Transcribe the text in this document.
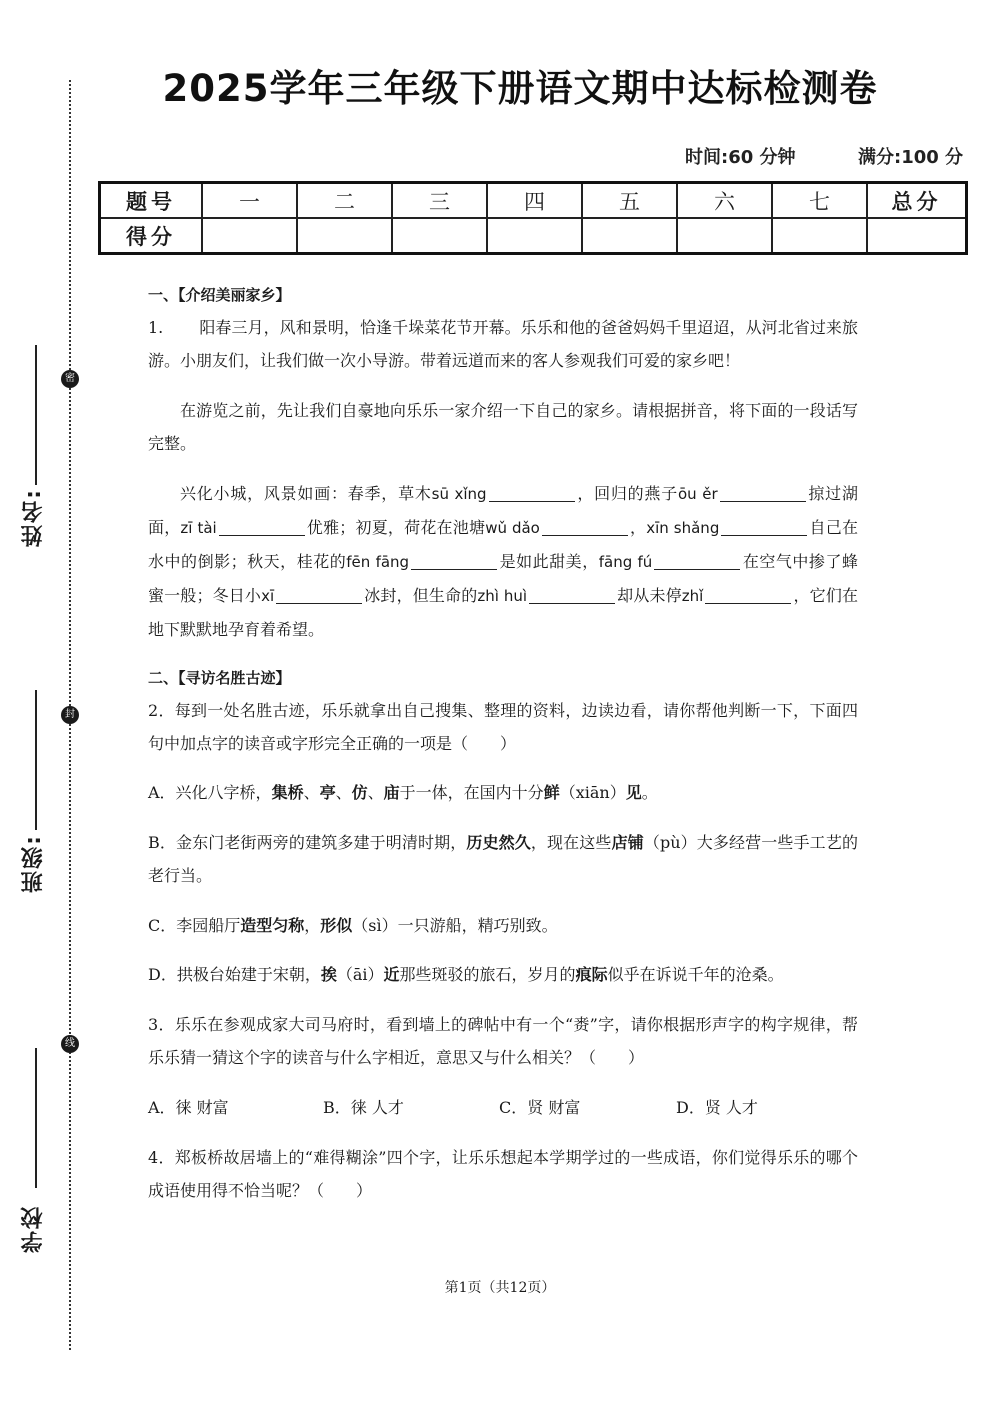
密
封
线
姓名:
班级:
学校
2025学年三年级下册语文期中达标检测卷
时间:60 分钟	满分:100 分
题号	一	二	三	四	五	六	七	总分
得分								
一、【介绍美丽家乡】
1. 阳春三月，风和景明，恰逢千垛菜花节开幕。乐乐和他的爸爸妈妈千里迢迢，从河北省过来旅游。小朋友们，让我们做一次小导游。带着远道而来的客人参观我们可爱的家乡吧！
在游览之前，先让我们自豪地向乐乐一家介绍一下自己的家乡。请根据拼音，将下面的一段话写完整。
兴化小城，风景如画：春季，草木sū xǐng	，回归的燕子ōu ěr	掠过湖面，zī tài	优雅；初夏，荷花在池塘wǔ dǎo	，xīn shǎng	自己在水中的倒影；秋天，桂花的fēn fāng	是如此甜美，fāng fú	在空气中掺了蜂蜜一般；冬日小xī	冰封，但生命的zhì huì	却从未停zhǐ	，它们在地下默默地孕育着希望。
二、【寻访名胜古迹】
2．每到一处名胜古迹，乐乐就拿出自己搜集、整理的资料，边读边看，请你帮他判断一下，下面四句中加点字的读音或字形完全正确的一项是（　　）
A．兴化八字桥，集桥、亭、仿、庙于一体，在国内十分鲜（xiān）见。
B．金东门老街两旁的建筑多建于明清时期，历史然久，现在这些店铺（pù）大多经营一些手工艺的老行当。
C．李园船厅造型匀称，形似（sì）一只游船，精巧别致。
D．拱极台始建于宋朝，挨（āi）近那些斑驳的旅石，岁月的痕际似乎在诉说千年的沧桑。
3．乐乐在参观成家大司马府时，看到墙上的碑帖中有一个“赉”字，请你根据形声字的构字规律，帮乐乐猜一猜这个字的读音与什么字相近，意思又与什么相关？（　　）
A．徕 财富	B．徕 人才	C．贤 财富	D．贤 人才
4．郑板桥故居墙上的“难得糊涂”四个字，让乐乐想起本学期学过的一些成语，你们觉得乐乐的哪个成语使用得不恰当呢？（　　）
第1页（共12页）
